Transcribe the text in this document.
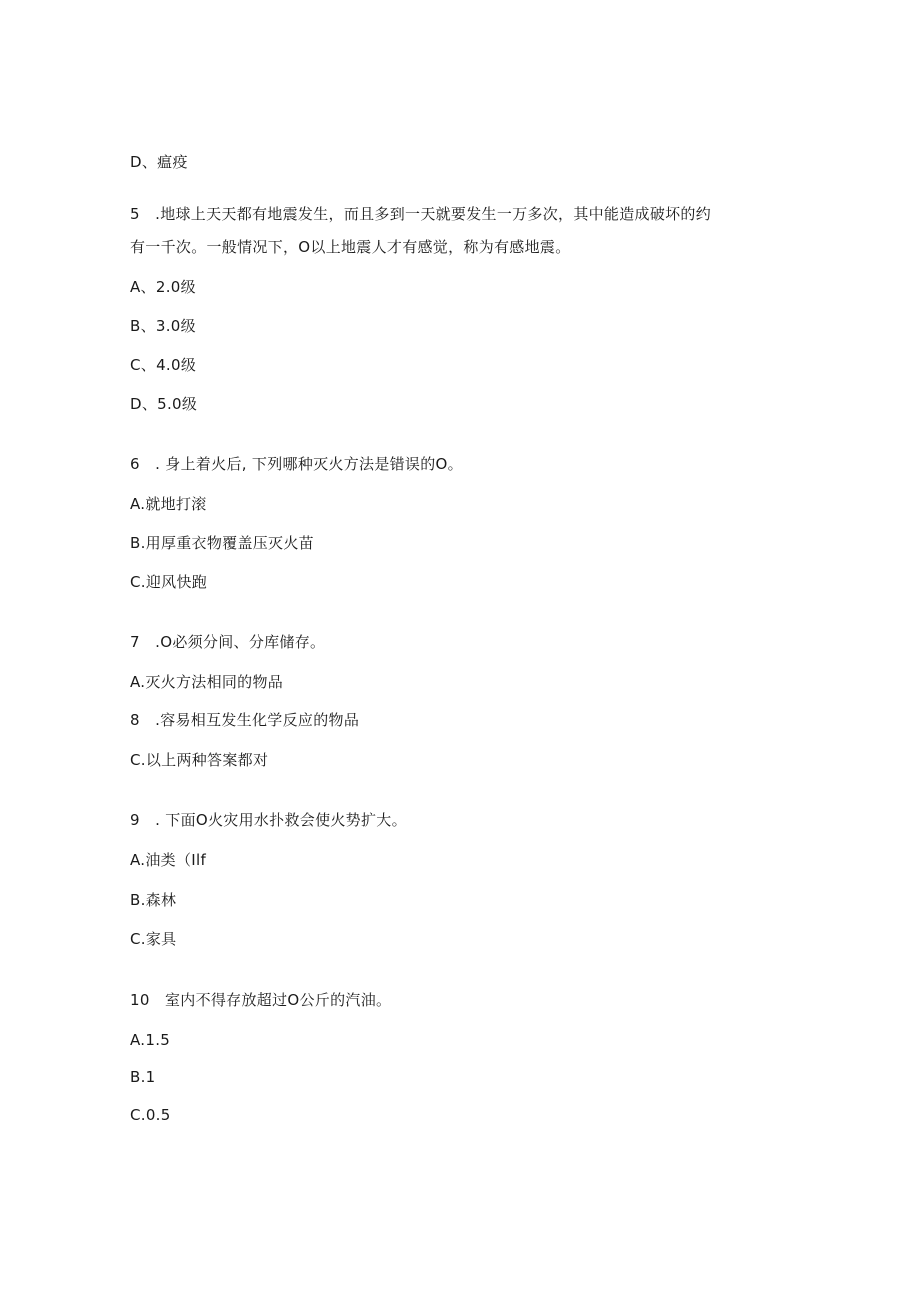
D、瘟疫
5　.地球上天天都有地震发生，而且多到一天就要发生一万多次，其中能造成破坏的约
有一千次。一般情况下，O以上地震人才有感觉，称为有感地震。
A、2.0级
B、3.0级
C、4.0级
D、5.0级
6　. 身上着火后, 下列哪种灭火方法是错误的O。
A.就地打滚
B.用厚重衣物覆盖压灭火苗
C.迎风快跑
7　.O必须分间、分库储存。
A.灭火方法相同的物品
8　.容易相互发生化学反应的物品
C.以上两种答案都对
9　. 下面O火灾用水扑救会使火势扩大。
A.油类（Ilf
B.森林
C.家具
10　室内不得存放超过O公斤的汽油。
A.1.5
B.1
C.0.5
